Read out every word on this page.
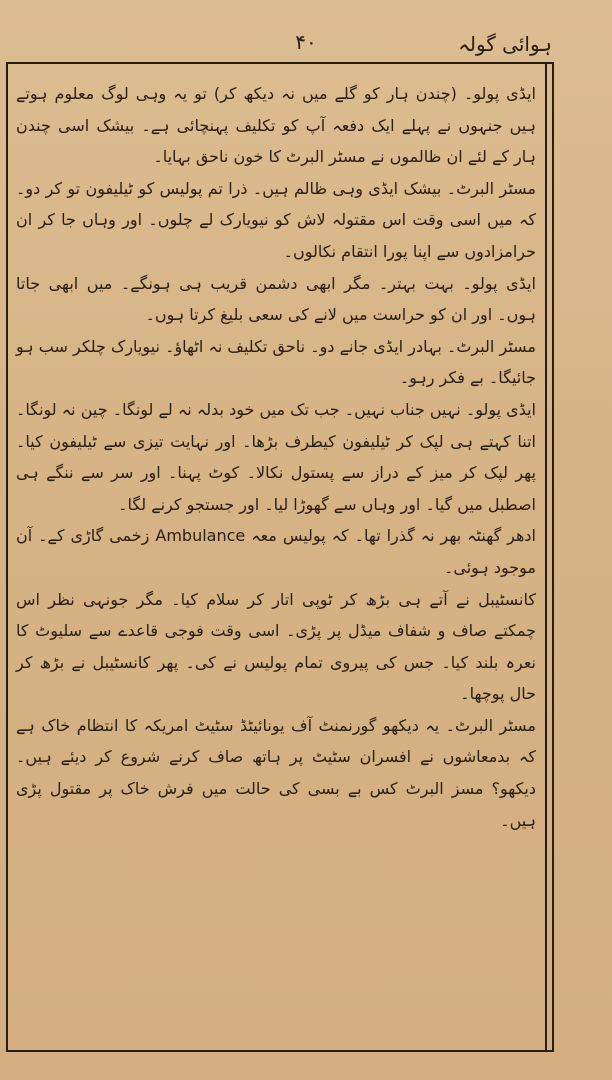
۴۰	ہوائی گولہ

ایڈی پولو۔ (چندن ہار کو گلے میں نہ دیکھ کر) تو یہ وہی لوگ معلوم ہوتے ہیں جنہوں نے پہلے ایک دفعہ آپ کو تکلیف پہنچائی ہے۔ بیشک اسی چندن ہار کے لئے ان ظالموں نے مسٹر البرٹ کا خون ناحق بہایا۔

مسٹر البرٹ۔ بیشک ایڈی وہی ظالم ہیں۔ ذرا تم پولیس کو ٹیلیفون تو کر دو۔ کہ میں اسی وقت اس مقتولہ لاش کو نیویارک لے چلوں۔ اور وہاں جا کر ان حرامزادوں سے اپنا پورا انتقام نکالوں۔

ایڈی پولو۔ بہت بہتر۔ مگر ابھی دشمن قریب ہی ہونگے۔ میں ابھی جاتا ہوں۔ اور ان کو حراست میں لانے کی سعی بلیغ کرتا ہوں۔

مسٹر البرٹ۔ بہادر ایڈی جانے دو۔ ناحق تکلیف نہ اٹھاؤ۔ نیویارک چلکر سب ہو جائیگا۔ بے فکر رہو۔

ایڈی پولو۔ نہیں جناب نہیں۔ جب تک میں خود بدلہ نہ لے لونگا۔ چین نہ لونگا۔ اتنا کہتے ہی لپک کر ٹیلیفون کیطرف بڑھا۔ اور نہایت تیزی سے ٹیلیفون کیا۔ پھر لپک کر میز کے دراز سے پستول نکالا۔ کوٹ پہنا۔ اور سر سے ننگے ہی اصطبل میں گیا۔ اور وہاں سے گھوڑا لیا۔ اور جستجو کرنے لگا۔

ادھر گھنٹہ بھر نہ گذرا تھا۔ کہ پولیس معہ Ambulance زخمی گاڑی کے۔ آن موجود ہوئی۔

کانسٹیبل نے آتے ہی بڑھ کر ٹوپی اتار کر سلام کیا۔ مگر جونہی نظر اس چمکتے صاف و شفاف میڈل پر پڑی۔ اسی وقت فوجی قاعدے سے سلیوٹ کا نعرہ بلند کیا۔ جس کی پیروی تمام پولیس نے کی۔ پھر کانسٹیبل نے بڑھ کر حال پوچھا۔

مسٹر البرٹ۔ یہ دیکھو گورنمنٹ آف یونائیٹڈ سٹیٹ امریکہ کا انتظام خاک ہے کہ بدمعاشوں نے افسران سٹیٹ پر ہاتھ صاف کرنے شروع کر دیئے ہیں۔ دیکھو؟ مسز البرٹ کس بے بسی کی حالت میں فرش خاک پر مقتول پڑی ہیں۔
